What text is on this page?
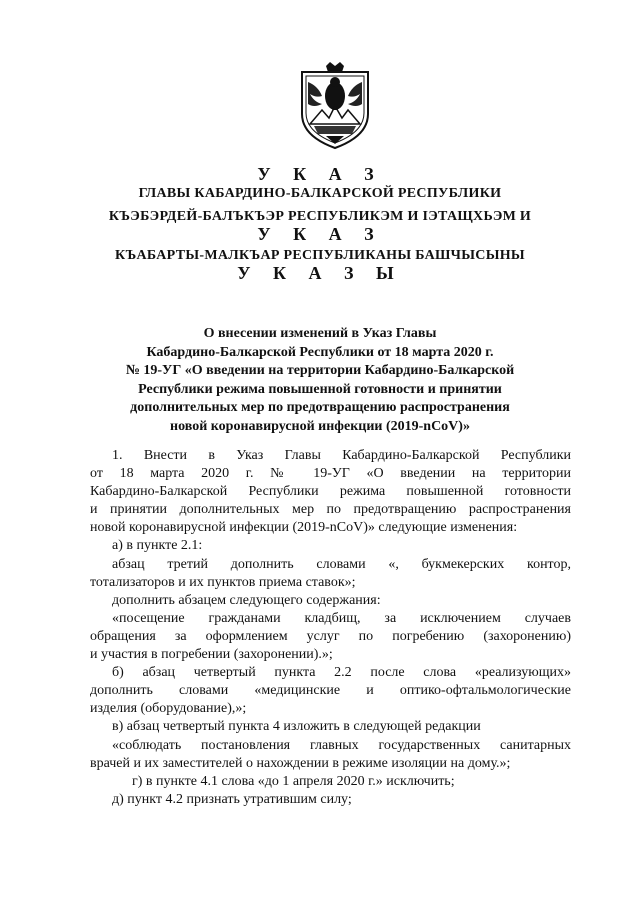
У К А З
ГЛАВЫ КАБАРДИНО-БАЛКАРСКОЙ РЕСПУБЛИКИ
КЪЭБЭРДЕЙ-БАЛЪКЪЭР РЕСПУБЛИКЭМ И ІЭТАЩХЬЭМ И
У К А З
КЪАБАРТЫ-МАЛКЪАР РЕСПУБЛИКАНЫ БАШЧЫСЫНЫ
У К А З Ы
О внесении изменений в Указ Главы
Кабардино-Балкарской Республики от 18 марта 2020 г.
№ 19-УГ «О введении на территории Кабардино-Балкарской
Республики режима повышенной готовности и принятии
дополнительных мер по предотвращению распространения
новой коронавирусной инфекции (2019-nCoV)»
1. Внести в Указ Главы Кабардино-Балкарской Республики
от 18 марта 2020 г. № 19-УГ «О введении на территории
Кабардино-Балкарской Республики режима повышенной готовности
и принятии дополнительных мер по предотвращению распространения
новой коронавирусной инфекции (2019-nCoV)» следующие изменения:
а) в пункте 2.1:
абзац третий дополнить словами «, букмекерских контор,
тотализаторов и их пунктов приема ставок»;
дополнить абзацем следующего содержания:
«посещение гражданами кладбищ, за исключением случаев
обращения за оформлением услуг по погребению (захоронению)
и участия в погребении (захоронении).»;
б) абзац четвертый пункта 2.2 после слова «реализующих»
дополнить словами «медицинские и оптико-офтальмологические
изделия (оборудование),»;
в) абзац четвертый пункта 4 изложить в следующей редакции
«соблюдать постановления главных государственных санитарных
врачей и их заместителей о нахождении в режиме изоляции на дому.»;
г) в пункте 4.1 слова «до 1 апреля 2020 г.» исключить;
д) пункт 4.2 признать утратившим силу;
